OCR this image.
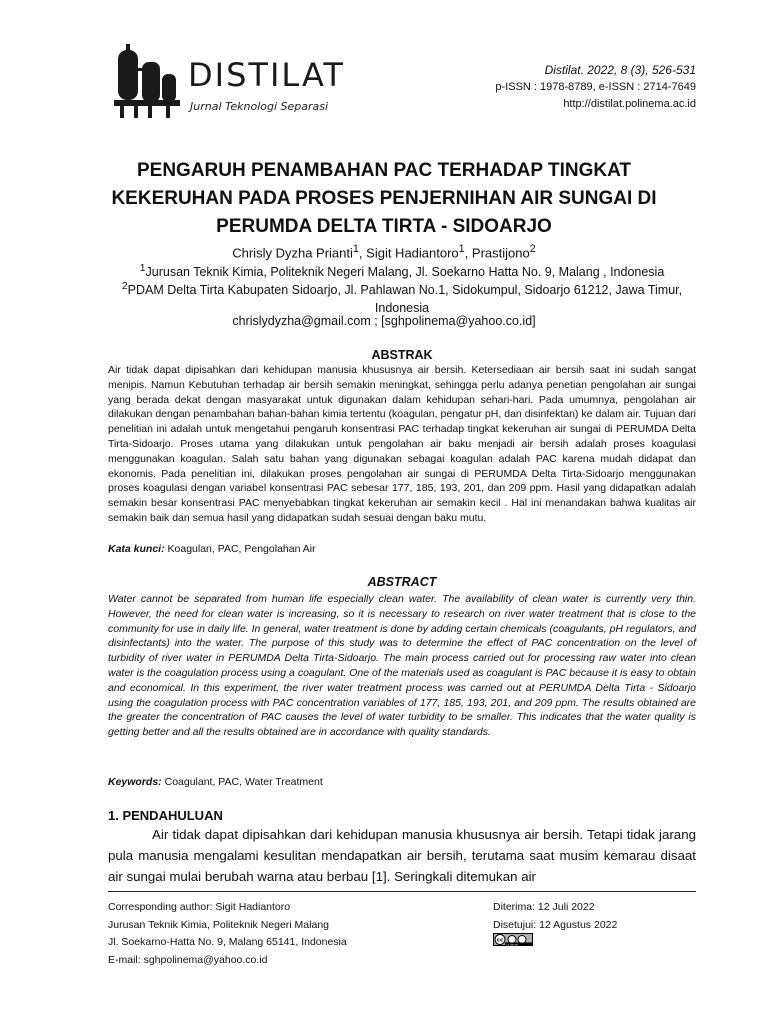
DISTILAT
Jurnal Teknologi Separasi
Distilat. 2022, 8 (3), 526-531
p-ISSN : 1978-8789, e-ISSN : 2714-7649
http://distilat.polinema.ac.id
PENGARUH PENAMBAHAN PAC TERHADAP TINGKAT
KEKERUHAN PADA PROSES PENJERNIHAN AIR SUNGAI DI
PERUMDA DELTA TIRTA - SIDOARJO
Chrisly Dyzha Prianti$^1$, Sigit Hadiantoro$^1$, Prastijono$^2$
$^1$Jurusan Teknik Kimia, Politeknik Negeri Malang, Jl. Soekarno Hatta No. 9, Malang , Indonesia
$^2$PDAM Delta Tirta Kabupaten Sidoarjo, Jl. Pahlawan No.1, Sidokumpul, Sidoarjo 61212, Jawa Timur, Indonesia
chrislydyzha@gmail.com ; [sghpolinema@yahoo.co.id]
ABSTRAK
Air tidak dapat dipisahkan dari kehidupan manusia khususnya air bersih. Ketersediaan air bersih saat ini sudah sangat menipis. Namun Kebutuhan terhadap air bersih semakin meningkat, sehingga perlu adanya penetian pengolahan air sungai yang berada dekat dengan masyarakat untuk digunakan dalam kehidupan sehari-hari. Pada umumnya, pengolahan air dilakukan dengan penambahan bahan-bahan kimia tertentu (koagulan, pengatur pH, dan disinfektan) ke dalam air. Tujuan dari penelitian ini adalah untuk mengetahui pengaruh konsentrasi PAC terhadap tingkat kekeruhan air sungai di PERUMDA Delta Tirta-Sidoarjo. Proses utama yang dilakukan untuk pengolahan air baku menjadi air bersih adalah proses koagulasi menggunakan koagulan. Salah satu bahan yang digunakan sebagai koagulan adalah PAC karena mudah didapat dan ekonomis. Pada penelitian ini, dilakukan proses pengolahan air sungai di PERUMDA Delta Tirta-Sidoarjo menggunakan proses koagulasi dengan variabel konsentrasi PAC sebesar 177, 185, 193, 201, dan 209 ppm. Hasil yang didapatkan adalah semakin besar konsentrasi PAC menyebabkan tingkat kekeruhan air semakin kecil . Hal ini menandakan bahwa kualitas air semakin baik dan semua hasil yang didapatkan sudah sesuai dengan baku mutu.
Kata kunci: Koagulan, PAC, Pengolahan Air
ABSTRACT
Water cannot be separated from human life especially clean water. The availability of clean water is currently very thin. However, the need for clean water is increasing, so it is necessary to research on river water treatment that is close to the community for use in daily life. In general, water treatment is done by adding certain chemicals (coagulants, pH regulators, and disinfectants) into the water. The purpose of this study was to determine the effect of PAC concentration on the level of turbidity of river water in PERUMDA Delta Tirta-Sidoarjo. The main process carried out for processing raw water into clean water is the coagulation process using a coagulant. One of the materials used as coagulant is PAC because it is easy to obtain and economical. In this experiment, the river water treatment process was carried out at PERUMDA Delta Tirta - Sidoarjo using the coagulation process with PAC concentration variables of 177, 185, 193, 201, and 209 ppm. The results obtained are the greater the concentration of PAC causes the level of water turbidity to be smaller. This indicates that the water quality is getting better and all the results obtained are in accordance with quality standards.
Keywords: Coagulant, PAC, Water Treatment
1. PENDAHULUAN
Air tidak dapat dipisahkan dari kehidupan manusia khususnya air bersih. Tetapi tidak jarang pula manusia mengalami kesulitan mendapatkan air bersih, terutama saat musim kemarau disaat air sungai mulai berubah warna atau berbau [1]. Seringkali ditemukan air
Corresponding author: Sigit Hadiantoro
Jurusan Teknik Kimia, Politeknik Negeri Malang
Jl. Soekarno-Hatta No. 9, Malang 65141, Indonesia
E-mail: sghpolinema@yahoo.co.id
Diterima: 12 Juli 2022
Disetujui: 12 Agustus 2022
cc
cc by sa
